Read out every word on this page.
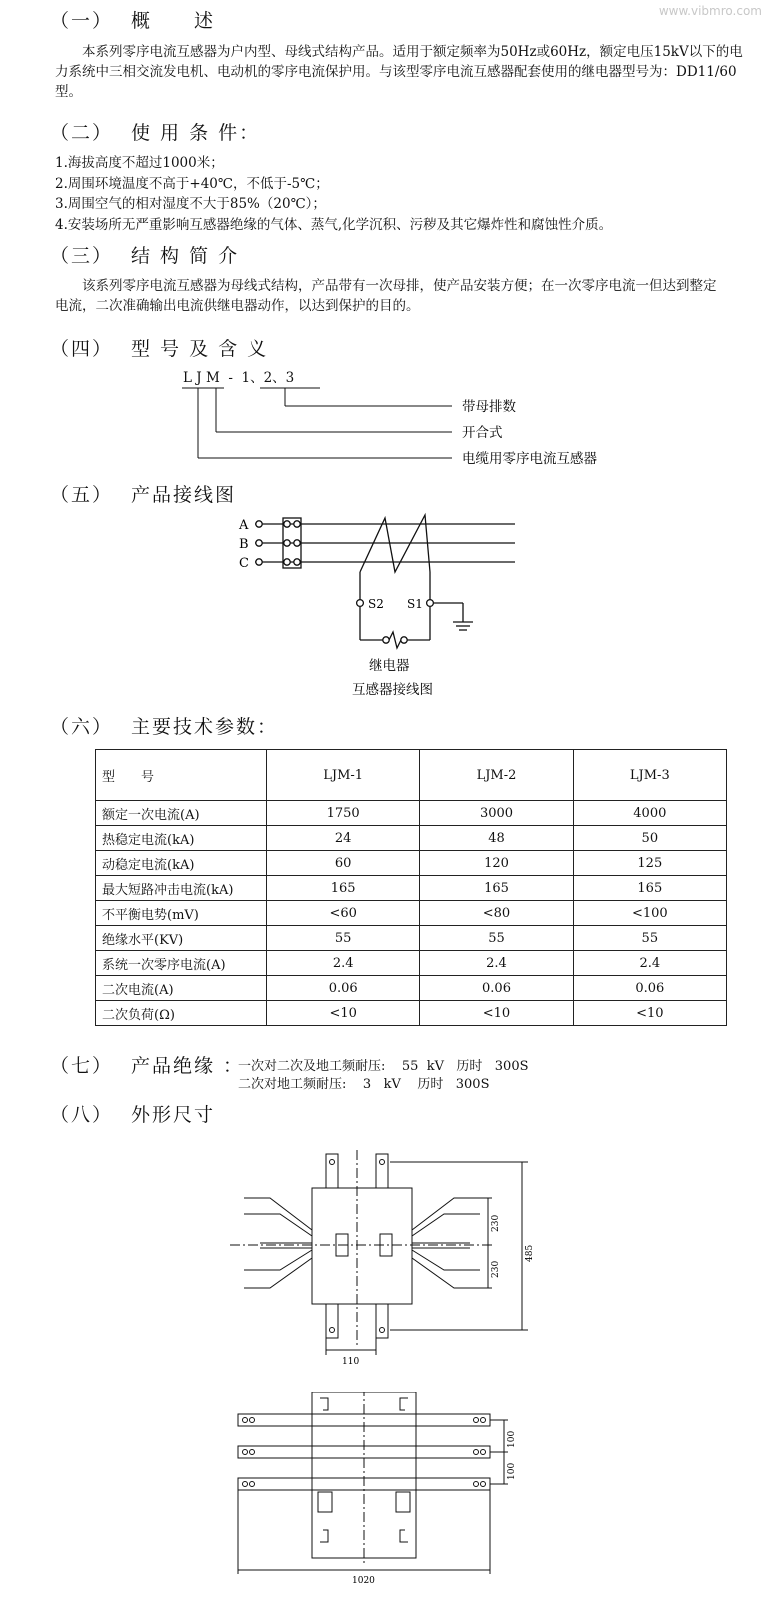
www.vibmro.com
（一） 概　　述
本系列零序电流互感器为户内型、母线式结构产品。适用于额定频率为50Hz或60Hz，额定电压15kV以下的电力系统中三相交流发电机、电动机的零序电流保护用。与该型零序电流互感器配套使用的继电器型号为：DD11/60型。
（二） 使 用 条 件：
1.海拔高度不超过1000米；
2.周围环境温度不高于+40℃，不低于-5℃；
3.周围空气的相对湿度不大于85%（20℃）；
4.安装场所无严重影响互感器绝缘的气体、蒸气,化学沉积、污秽及其它爆炸性和腐蚀性介质。
（三） 结 构 简 介
该系列零序电流互感器为母线式结构，产品带有一次母排，使产品安装方便；在一次零序电流一但达到整定电流，二次准确输出电流供继电器动作，以达到保护的目的。
（四） 型 号 及 含 义
L J M  -  1、2、3
带母排数
开合式
电缆用零序电流互感器
（五） 产品接线图
A
B
C
S2 S1
继电器
互感器接线图
（六） 主要技术参数：
型　　号	LJM-1	LJM-2	LJM-3
额定一次电流(A)	1750	3000	4000
热稳定电流(kA)	24	48	50
动稳定电流(kA)	60	120	125
最大短路冲击电流(kA)	165	165	165
不平衡电势(mV)	<60	<80	<100
绝缘水平(KV)	55	55	55
系统一次零序电流(A)	2.4	2.4	2.4
二次电流(A)	0.06	0.06	0.06
二次负荷(Ω)	<10	<10	<10
（七） 产品绝缘 ：
一次对二次及地工频耐压:    55  kV   历时   300S
二次对地工频耐压:    3   kV    历时   300S
（八） 外形尺寸
230
230
485
110
100
100
1020
